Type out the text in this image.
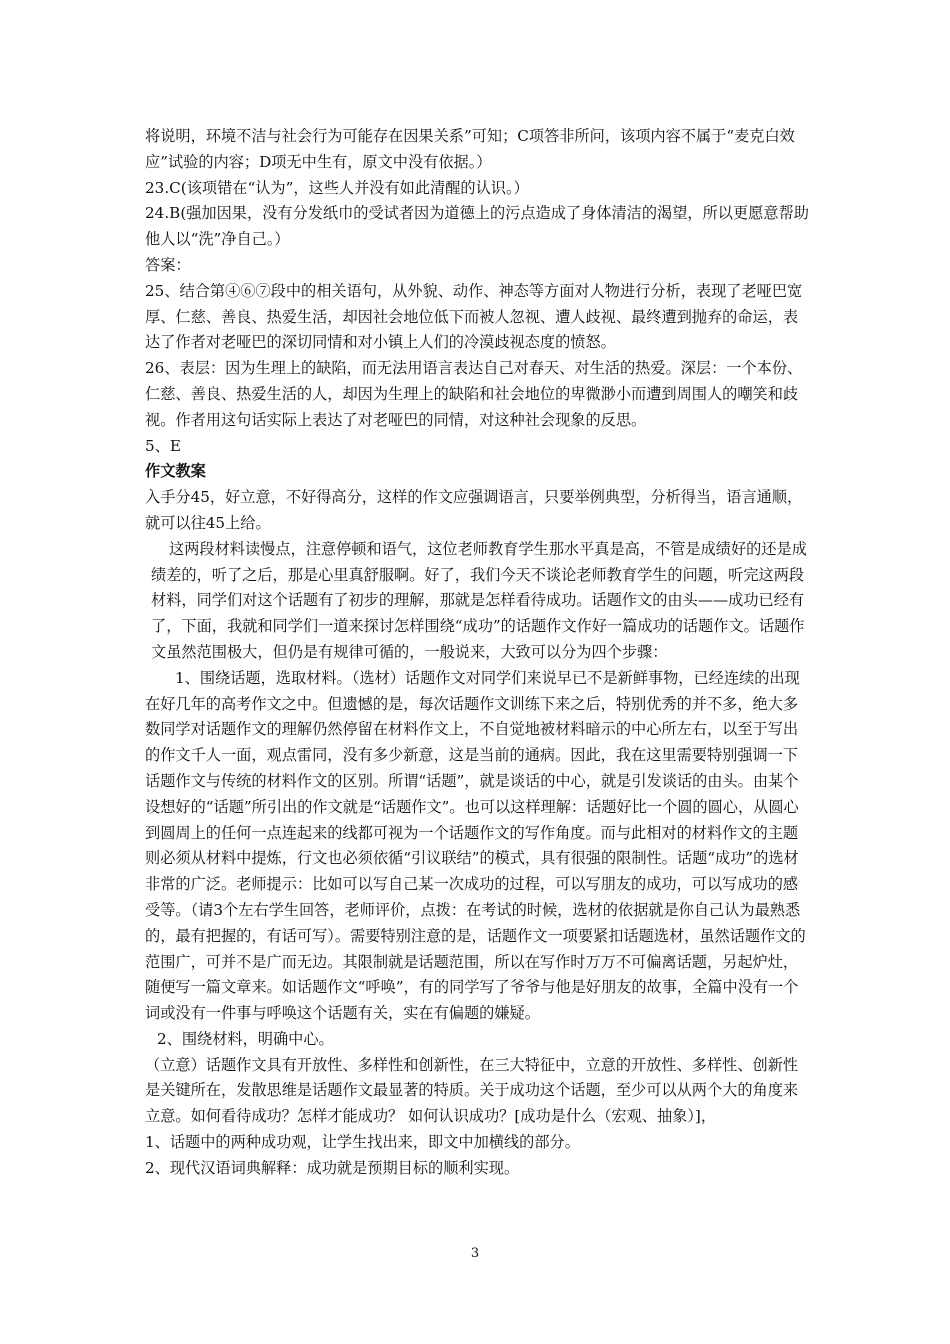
将说明，环境不洁与社会行为可能存在因果关系”可知；C项答非所问，该项内容不属于“麦克白效应”试验的内容；D项无中生有，原文中没有依据。）

23.C(该项错在“认为”，这些人并没有如此清醒的认识。）

24.B(强加因果，没有分发纸巾的受试者因为道德上的污点造成了身体清洁的渴望，所以更愿意帮助他人以“洗”净自己。）

答案：

25、结合第④⑥⑦段中的相关语句，从外貌、动作、神态等方面对人物进行分析，表现了老哑巴宽厚、仁慈、善良、热爱生活，却因社会地位低下而被人忽视、遭人歧视、最终遭到抛弃的命运，表达了作者对老哑巴的深切同情和对小镇上人们的冷漠歧视态度的愤怒。

26、表层：因为生理上的缺陷，而无法用语言表达自己对春天、对生活的热爱。深层：一个本份、仁慈、善良、热爱生活的人，却因为生理上的缺陷和社会地位的卑微渺小而遭到周围人的嘲笑和歧视。作者用这句话实际上表达了对老哑巴的同情，对这种社会现象的反思。

5、E

作文教案

入手分45，好立意，不好得高分，这样的作文应强调语言，只要举例典型，分析得当，语言通顺，就可以往45上给。

这两段材料读慢点，注意停顿和语气，这位老师教育学生那水平真是高，不管是成绩好的还是成绩差的，听了之后，那是心里真舒服啊。好了，我们今天不谈论老师教育学生的问题，听完这两段材料，同学们对这个话题有了初步的理解，那就是怎样看待成功。话题作文的由头——成功已经有了，下面，我就和同学们一道来探讨怎样围绕“成功”的话题作文作好一篇成功的话题作文。话题作文虽然范围极大，但仍是有规律可循的，一般说来，大致可以分为四个步骤：

1、围绕话题，选取材料。（选材）话题作文对同学们来说早已不是新鲜事物，已经连续的出现在好几年的高考作文之中。但遗憾的是，每次话题作文训练下来之后，特别优秀的并不多，绝大多数同学对话题作文的理解仍然停留在材料作文上，不自觉地被材料暗示的中心所左右，以至于写出的作文千人一面，观点雷同，没有多少新意，这是当前的通病。因此，我在这里需要特别强调一下话题作文与传统的材料作文的区别。所谓“话题”，就是谈话的中心，就是引发谈话的由头。由某个设想好的“话题”所引出的作文就是“话题作文”。也可以这样理解：话题好比一个圆的圆心，从圆心到圆周上的任何一点连起来的线都可视为一个话题作文的写作角度。而与此相对的材料作文的主题则必须从材料中提炼，行文也必须依循“引议联结”的模式，具有很强的限制性。话题“成功”的选材非常的广泛。老师提示：比如可以写自己某一次成功的过程，可以写朋友的成功，可以写成功的感受等。（请3个左右学生回答，老师评价，点拨：在考试的时候，选材的依据就是你自己认为最熟悉的，最有把握的，有话可写）。需要特别注意的是，话题作文一项要紧扣话题选材，虽然话题作文的范围广，可并不是广而无边。其限制就是话题范围，所以在写作时万万不可偏离话题，另起炉灶，随便写一篇文章来。如话题作文“呼唤”，有的同学写了爷爷与他是好朋友的故事，全篇中没有一个词或没有一件事与呼唤这个话题有关，实在有偏题的嫌疑。

2、围绕材料，明确中心。

（立意）话题作文具有开放性、多样性和创新性，在三大特征中，立意的开放性、多样性、创新性是关键所在，发散思维是话题作文最显著的特质。关于成功这个话题，至少可以从两个大的角度来立意。如何看待成功？怎样才能成功？ 如何认识成功？[成功是什么（宏观、抽象）]，

1、话题中的两种成功观，让学生找出来，即文中加横线的部分。

2、现代汉语词典解释：成功就是预期目标的顺利实现。

3
